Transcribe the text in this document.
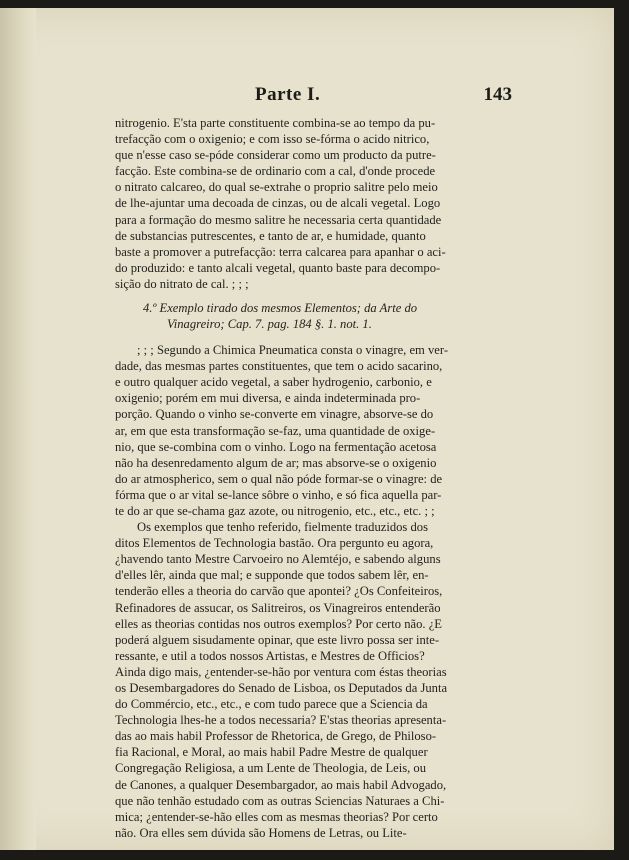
Parte I.	143
nitrogenio. E'sta parte constituente combina-se ao tempo da pu-
trefacção com o oxigenio; e com isso se-fórma o acido nitrico,
que n'esse caso se-póde considerar como um producto da putre-
facção. Este combina-se de ordinario com a cal, d'onde procede
o nitrato calcareo, do qual se-extrahe o proprio salitre pelo meio
de lhe-ajuntar uma decoada de cinzas, ou de alcali vegetal. Logo
para a formação do mesmo salitre he necessaria certa quantidade
de substancias putrescentes, e tanto de ar, e humidade, quanto
baste a promover a putrefacção: terra calcarea para apanhar o aci-
do produzido: e tanto alcali vegetal, quanto baste para decompo-
sição do nitrato de cal. ; ; ;
4.º Exemplo tirado dos mesmos Elementos; da Arte do
Vinagreiro; Cap. 7. pag. 184 §. 1. not. 1.
; ; ; Segundo a Chimica Pneumatica consta o vinagre, em ver-
dade, das mesmas partes constituentes, que tem o acido sacarino,
e outro qualquer acido vegetal, a saber hydrogenio, carbonio, e
oxigenio; porém em mui diversa, e ainda indeterminada pro-
porção. Quando o vinho se-converte em vinagre, absorve-se do
ar, em que esta transformação se-faz, uma quantidade de oxige-
nio, que se-combina com o vinho. Logo na fermentação acetosa
não ha desenredamento algum de ar; mas absorve-se o oxigenio
do ar atmospherico, sem o qual não póde formar-se o vinagre: de
fórma que o ar vital se-lance sôbre o vinho, e só fica aquella par-
te do ar que se-chama gaz azote, ou nitrogenio, etc., etc., etc. ; ;
Os exemplos que tenho referido, fielmente traduzidos dos
ditos Elementos de Technologia bastão. Ora pergunto eu agora,
¿havendo tanto Mestre Carvoeiro no Alemtéjo, e sabendo alguns
d'elles lêr, ainda que mal; e supponde que todos sabem lêr, en-
tenderão elles a theoria do carvão que apontei? ¿Os Confeiteiros,
Refinadores de assucar, os Salitreiros, os Vinagreiros entenderão
elles as theorias contidas nos outros exemplos? Por certo não. ¿E
poderá alguem sisudamente opinar, que este livro possa ser inte-
ressante, e util a todos nossos Artistas, e Mestres de Officios?
Ainda digo mais, ¿entender-se-hão por ventura com éstas theorias
os Desembargadores do Senado de Lisboa, os Deputados da Junta
do Commércio, etc., etc., e com tudo parece que a Sciencia da
Technologia lhes-he a todos necessaria? E'stas theorias apresenta-
das ao mais habil Professor de Rhetorica, de Grego, de Philoso-
fia Racional, e Moral, ao mais habil Padre Mestre de qualquer
Congregação Religiosa, a um Lente de Theologia, de Leis, ou
de Canones, a qualquer Desembargador, ao mais habil Advogado,
que não tenhão estudado com as outras Sciencias Naturaes a Chi-
mica; ¿entender-se-hão elles com as mesmas theorias? Por certo
não. Ora elles sem dúvida são Homens de Letras, ou Lite-
